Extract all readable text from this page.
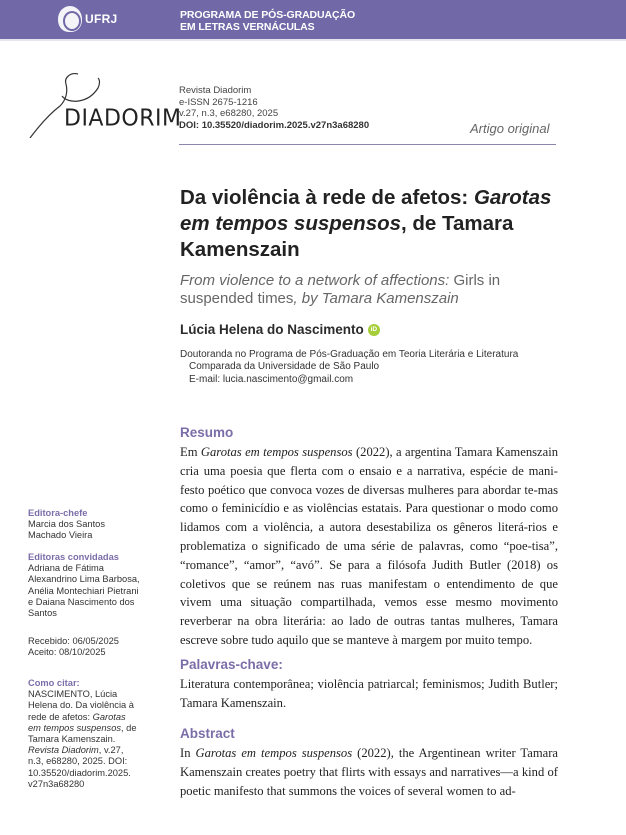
UFRJ	PROGRAMA DE PÓS-GRADUAÇÃO
EM LETRAS VERNÁCULAS
DIADORIM
Revista Diadorim
e-ISSN 2675-1216
v.27, n.3, e68280, 2025
DOI: 10.35520/diadorim.2025.v27n3a68280	Artigo original
Da violência à rede de afetos: Garotas em tempos suspensos, de Tamara Kamenszain
From violence to a network of affections: Girls in suspended times, by Tamara Kamenszain
Lúcia Helena do Nascimento	iD
Doutoranda no Programa de Pós-Graduação em Teoria Literária e Literatura
Comparada da Universidade de São Paulo
E-mail: lucia.nascimento@gmail.com
Editora-chefe
Marcia dos Santos Machado Vieira
Editoras convidadas
Adriana de Fátima Alexandrino Lima Barbosa, Anélia Montechiari Pietrani e Daiana Nascimento dos Santos
Recebido: 06/05/2025
Aceito: 08/10/2025
Como citar:
NASCIMENTO, Lúcia Helena do. Da violência à rede de afetos: Garotas em tempos suspensos, de Tamara Kamenszain. Revista Diadorim, v.27, n.3, e68280, 2025. DOI: 10.35520/diadorim.2025. v27n3a68280
Resumo
Em Garotas em tempos suspensos (2022), a argentina Tamara Kamenszain cria uma poesia que flerta com o ensaio e a narrativa, espécie de mani-festo poético que convoca vozes de diversas mulheres para abordar te-mas como o feminicídio e as violências estatais. Para questionar o modo como lidamos com a violência, a autora desestabiliza os gêneros literá-rios e problematiza o significado de uma série de palavras, como “poe-tisa”, “romance”, “amor”, “avó”. Se para a filósofa Judith Butler (2018) os coletivos que se reúnem nas ruas manifestam o entendimento de que vivem uma situação compartilhada, vemos esse mesmo movimento reverberar na obra literária: ao lado de outras tantas mulheres, Tamara escreve sobre tudo aquilo que se manteve à margem por muito tempo.
Palavras-chave:
Literatura contemporânea; violência patriarcal; feminismos; Judith Butler; Tamara Kamenszain.
Abstract
In Garotas em tempos suspensos (2022), the Argentinean writer Tamara Kamenszain creates poetry that flirts with essays and narratives—a kind of poetic manifesto that summons the voices of several women to ad-
